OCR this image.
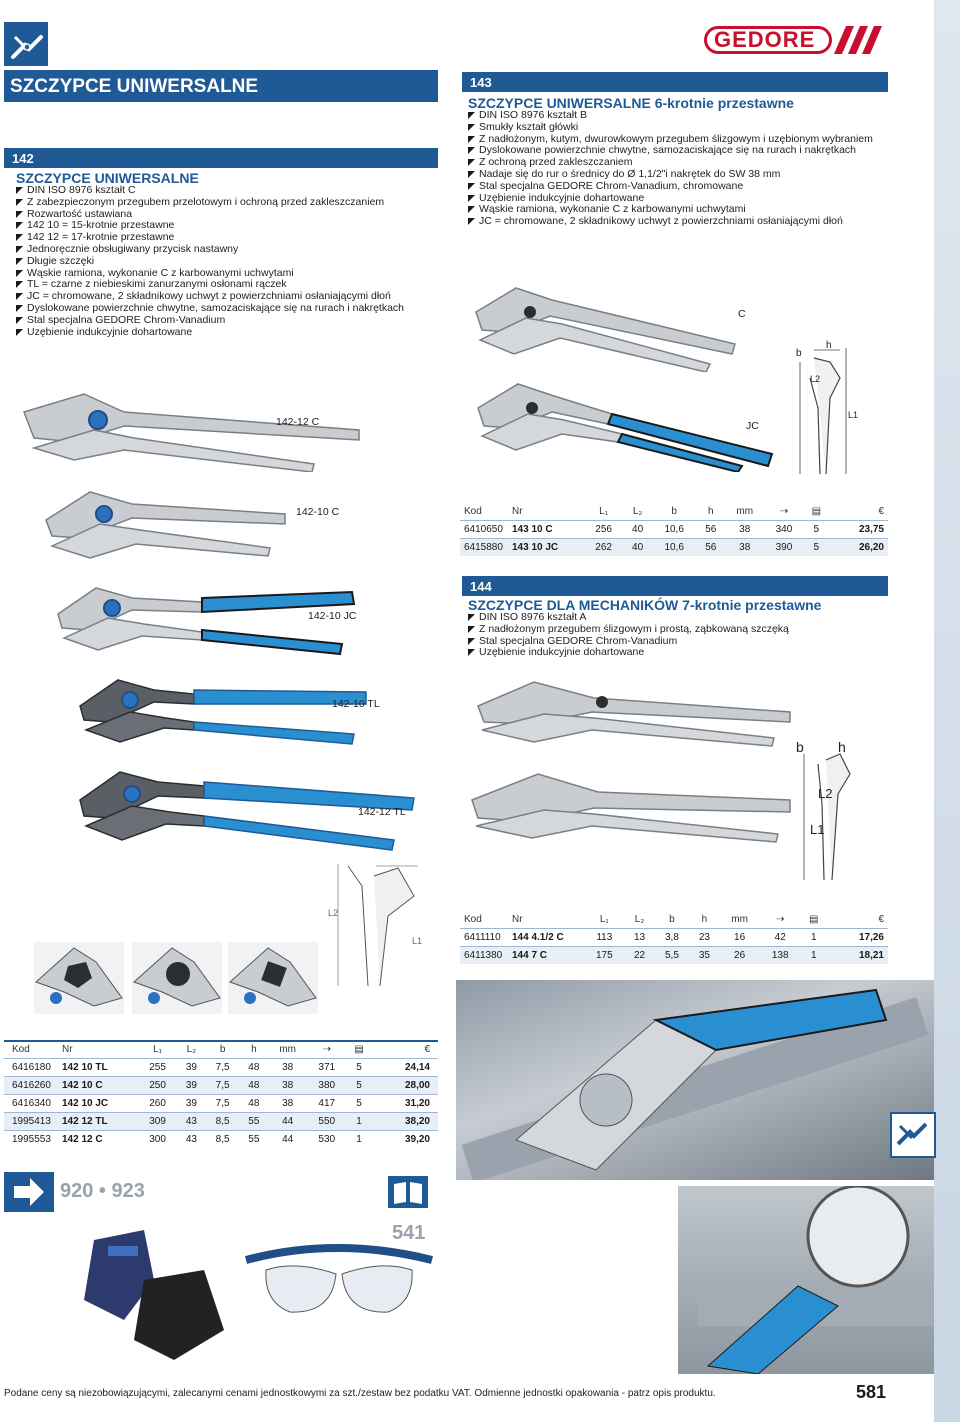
GEDORE
SZCZYPCE UNIWERSALNE
142
SZCZYPCE UNIWERSALNE
DIN ISO 8976 kształt C
Z zabezpieczonym przegubem przelotowym i ochroną przed zakleszczaniem
Rozwartość ustawiana
142 10 = 15-krotnie przestawne
142 12 = 17-krotnie przestawne
Jednoręcznie obsługiwany przycisk nastawny
Długie szczęki
Wąskie ramiona, wykonanie C z karbowanymi uchwytami
TL = czarne z niebieskimi zanurzanymi osłonami rączek
JC = chromowane, 2 składnikowy uchwyt z powierzchniami osłaniającymi dłoń
Dyslokowane powierzchnie chwytne, samozaciskające się na rurach i nakrętkach
Stal specjalna GEDORE Chrom-Vanadium
Uzębienie indukcyjnie dohartowane
142-12 C
142-10 C
142-10 JC
142-10 TL
142-12 TL
L1
L2
Kod	Nr	L₁	L₂	b	h	mm	⇢	▤	€
6416180	142 10 TL	255	39	7,5	48	38	371	5	24,14
6416260	142 10 C	250	39	7,5	48	38	380	5	28,00
6416340	142 10 JC	260	39	7,5	48	38	417	5	31,20
1995413	142 12 TL	309	43	8,5	55	44	550	1	38,20
1995553	142 12 C	300	43	8,5	55	44	530	1	39,20
143
SZCZYPCE UNIWERSALNE 6-krotnie przestawne
DIN ISO 8976 kształt B
Smukły kształt główki
Z nadłożonym, kutym, dwurowkowym przegubem ślizgowym i uzębionym wybraniem
Dyslokowane powierzchnie chwytne, samozaciskające się na rurach i nakrętkach
Z ochroną przed zakleszczaniem
Nadaje się do rur o średnicy do Ø 1,1/2"i nakrętek do SW 38 mm
Stal specjalna GEDORE Chrom-Vanadium, chromowane
Uzębienie indukcyjnie dohartowane
Wąskie ramiona, wykonanie C z karbowanymi uchwytami
JC = chromowane, 2 składnikowy uchwyt z powierzchniami osłaniającymi dłoń
C
JC
b
h
L2
L1
Kod	Nr	L₁	L₂	b	h	mm	⇢	▤	€
6410650	143 10 C	256	40	10,6	56	38	340	5	23,75
6415880	143 10 JC	262	40	10,6	56	38	390	5	26,20
144
SZCZYPCE DLA MECHANIKÓW 7-krotnie przestawne
DIN ISO 8976 kształt A
Z nadłożonym przegubem ślizgowym i prostą, ząbkowaną szczęką
Stal specjalna GEDORE Chrom-Vanadium
Uzębienie indukcyjnie dohartowane
b h
L2
L1
Kod	Nr	L₁	L₂	b	h	mm	⇢	▤	€
6411110	144 4.1/2 C	113	13	3,8	23	16	42	1	17,26
6411380	144 7 C	175	22	5,5	35	26	138	1	18,21
920 • 923
541
Podane ceny są niezobowiązującymi, zalecanymi cenami jednostkowymi za szt./zestaw bez podatku VAT. Odmienne jednostki opakowania - patrz opis produktu.	581
